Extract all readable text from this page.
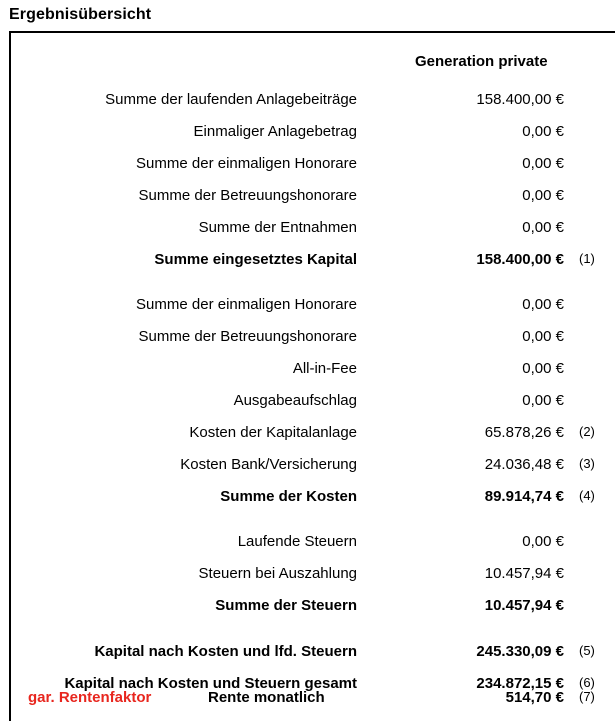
Ergebnisübersicht
Generation private
Summe der laufenden Anlagebeiträge	158.400,00 €
Einmaliger Anlagebetrag	0,00 €
Summe der einmaligen Honorare	0,00 €
Summe der Betreuungshonorare	0,00 €
Summe der Entnahmen	0,00 €
Summe eingesetztes Kapital	158.400,00 € (1)
Summe der einmaligen Honorare	0,00 €
Summe der Betreuungshonorare	0,00 €
All-in-Fee	0,00 €
Ausgabeaufschlag	0,00 €
Kosten der Kapitalanlage	65.878,26 € (2)
Kosten Bank/Versicherung	24.036,48 € (3)
Summe der Kosten	89.914,74 € (4)
Laufende Steuern	0,00 €
Steuern bei Auszahlung	10.457,94 €
Summe der Steuern	10.457,94 €
Kapital nach Kosten und lfd. Steuern	245.330,09 € (5)
Kapital nach Kosten und Steuern gesamt	234.872,15 € (6)
gar. Rentenfaktor	Rente monatlich	514,70 € (7)
